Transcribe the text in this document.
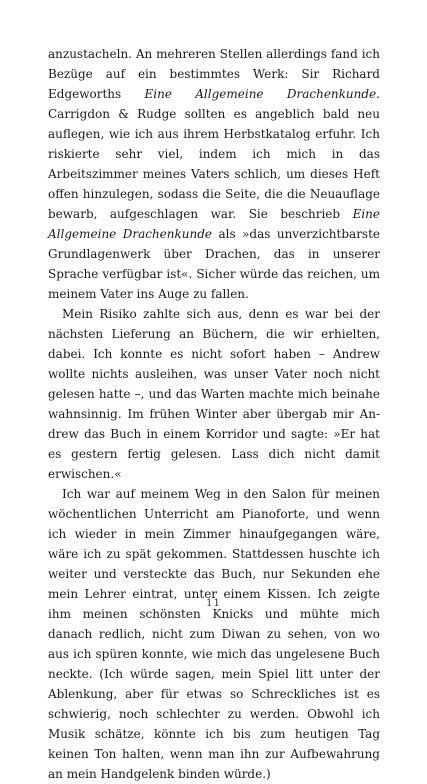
anzustacheln. An mehreren Stellen allerdings fand ich Bezüge auf ein bestimmtes Werk: Sir Richard Edgeworths Eine Allgemeine Drachenkunde. Carrigdon & Rudge sollten es angeblich bald neu auflegen, wie ich aus ihrem Herbstkatalog erfuhr. Ich riskierte sehr viel, indem ich mich in das Arbeitszimmer meines Vaters schlich, um dieses Heft offen hinzulegen, sodass die Seite, die die Neuauflage bewarb, aufgeschlagen war. Sie beschrieb Eine Allgemeine Drachenkunde als »das unverzichtbarste Grundlagenwerk über Drachen, das in unserer Sprache verfügbar ist«. Sicher würde das reichen, um meinem Vater ins Auge zu fallen.

Mein Risiko zahlte sich aus, denn es war bei der nächsten Lieferung an Büchern, die wir erhielten, dabei. Ich konnte es nicht sofort haben – Andrew wollte nichts ausleihen, was unser Vater noch nicht gelesen hatte –, und das Warten machte mich beinahe wahnsinnig. Im frühen Winter aber übergab mir Andrew das Buch in einem Korridor und sagte: »Er hat es gestern fertig gelesen. Lass dich nicht damit erwischen.«

Ich war auf meinem Weg in den Salon für meinen wöchentlichen Unterricht am Pianoforte, und wenn ich wieder in mein Zimmer hinaufgegangen wäre, wäre ich zu spät gekommen. Stattdessen huschte ich weiter und versteckte das Buch, nur Sekunden ehe mein Lehrer eintrat, unter einem Kissen. Ich zeigte ihm meinen schönsten Knicks und mühte mich danach redlich, nicht zum Diwan zu sehen, von wo aus ich spüren konnte, wie mich das ungelesene Buch neckte. (Ich würde sagen, mein Spiel litt unter der Ablenkung, aber für etwas so Schreckliches ist es schwierig, noch schlechter zu werden. Obwohl ich Musik schätze, könnte ich bis zum heutigen Tag keinen Ton halten, wenn man ihn zur Aufbewahrung an mein Handgelenk binden würde.)

11
